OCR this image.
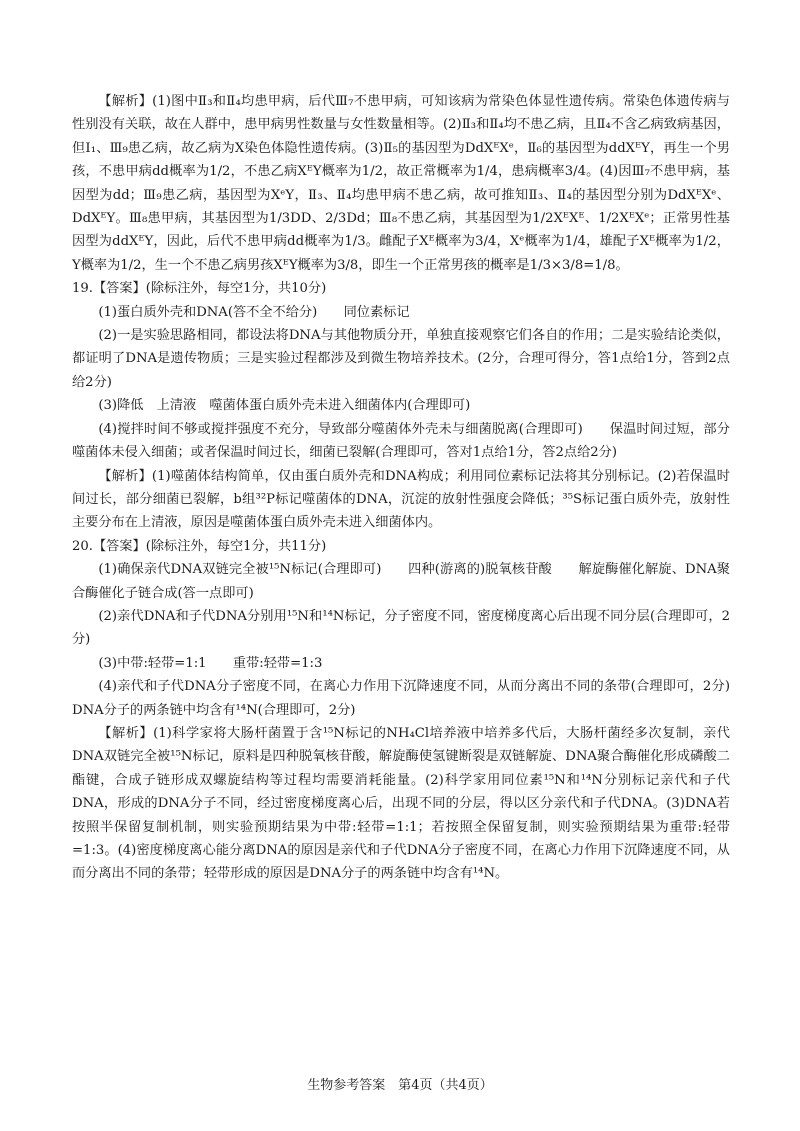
【解析】(1)图中Ⅱ₃和Ⅱ₄均患甲病，后代Ⅲ₇不患甲病，可知该病为常染色体显性遗传病。常染色体遗传病与性别没有关联，故在人群中，患甲病男性数量与女性数量相等。(2)Ⅱ₃和Ⅱ₄均不患乙病，且Ⅱ₄不含乙病致病基因，但Ⅰ₁、Ⅲ₉患乙病，故乙病为X染色体隐性遗传病。(3)Ⅱ₅的基因型为DdXᴱXᵉ，Ⅱ₆的基因型为ddXᴱY，再生一个男孩，不患甲病dd概率为1/2，不患乙病XᴱY概率为1/2，故正常概率为1/4，患病概率3/4。(4)因Ⅲ₇不患甲病，基因型为dd；Ⅲ₉患乙病，基因型为XᵉY，Ⅱ₃、Ⅱ₄均患甲病不患乙病，故可推知Ⅱ₃、Ⅱ₄的基因型分别为DdXᴱXᵉ、DdXᴱY。Ⅲ₈患甲病，其基因型为1/3DD、2/3Dd；Ⅲ₈不患乙病，其基因型为1/2XᴱXᴱ、1/2XᴱXᵉ；正常男性基因型为ddXᴱY，因此，后代不患甲病dd概率为1/3。雌配子Xᴱ概率为3/4，Xᵉ概率为1/4，雄配子Xᴱ概率为1/2，Y概率为1/2，生一个不患乙病男孩XᴱY概率为3/8，即生一个正常男孩的概率是1/3×3/8=1/8。

19.【答案】(除标注外，每空1分，共10分)

(1)蛋白质外壳和DNA(答不全不给分)　　同位素标记

(2)一是实验思路相同，都设法将DNA与其他物质分开，单独直接观察它们各自的作用；二是实验结论类似，都证明了DNA是遗传物质；三是实验过程都涉及到微生物培养技术。(2分，合理可得分，答1点给1分，答到2点给2分)

(3)降低　上清液　噬菌体蛋白质外壳未进入细菌体内(合理即可)

(4)搅拌时间不够或搅拌强度不充分，导致部分噬菌体外壳未与细菌脱离(合理即可)　　保温时间过短，部分噬菌体未侵入细菌；或者保温时间过长，细菌已裂解(合理即可，答对1点给1分，答2点给2分)

【解析】(1)噬菌体结构简单，仅由蛋白质外壳和DNA构成；利用同位素标记法将其分别标记。(2)若保温时间过长，部分细菌已裂解，b组³²P标记噬菌体的DNA，沉淀的放射性强度会降低；³⁵S标记蛋白质外壳，放射性主要分布在上清液，原因是噬菌体蛋白质外壳未进入细菌体内。

20.【答案】(除标注外，每空1分，共11分)

(1)确保亲代DNA双链完全被¹⁵N标记(合理即可)　　四种(游离的)脱氧核苷酸　　解旋酶催化解旋、DNA聚合酶催化子链合成(答一点即可)

(2)亲代DNA和子代DNA分别用¹⁵N和¹⁴N标记，分子密度不同，密度梯度离心后出现不同分层(合理即可，2分)

(3)中带:轻带=1:1　　重带:轻带=1:3

(4)亲代和子代DNA分子密度不同，在离心力作用下沉降速度不同，从而分离出不同的条带(合理即可，2分)　　DNA分子的两条链中均含有¹⁴N(合理即可，2分)

【解析】(1)科学家将大肠杆菌置于含¹⁵N标记的NH₄Cl培养液中培养多代后，大肠杆菌经多次复制，亲代DNA双链完全被¹⁵N标记，原料是四种脱氧核苷酸，解旋酶使氢键断裂是双链解旋、DNA聚合酶催化形成磷酸二酯键，合成子链形成双螺旋结构等过程均需要消耗能量。(2)科学家用同位素¹⁵N和¹⁴N分别标记亲代和子代DNA，形成的DNA分子不同，经过密度梯度离心后，出现不同的分层，得以区分亲代和子代DNA。(3)DNA若按照半保留复制机制，则实验预期结果为中带:轻带=1:1；若按照全保留复制，则实验预期结果为重带:轻带=1:3。(4)密度梯度离心能分离DNA的原因是亲代和子代DNA分子密度不同，在离心力作用下沉降速度不同，从而分离出不同的条带；轻带形成的原因是DNA分子的两条链中均含有¹⁴N。

生物参考答案　第4页（共4页）
